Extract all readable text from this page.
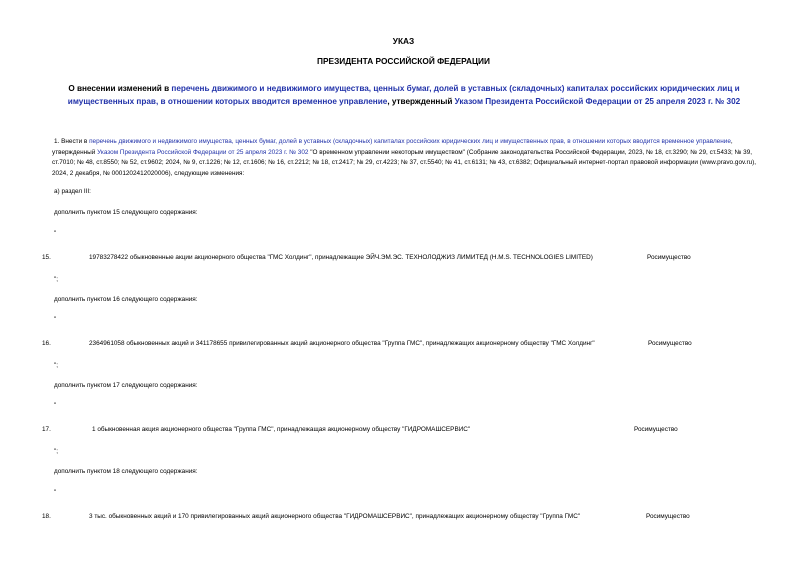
УКАЗ
ПРЕЗИДЕНТА РОССИЙСКОЙ ФЕДЕРАЦИИ
О внесении изменений в перечень движимого и недвижимого имущества, ценных бумаг, долей в уставных (складочных) капиталах российских юридических лиц и имущественных прав, в отношении которых вводится временное управление, утвержденный Указом Президента Российской Федерации от 25 апреля 2023 г. № 302
1. Внести в перечень движимого и недвижимого имущества, ценных бумаг, долей в уставных (складочных) капиталах российских юридических лиц и имущественных прав, в отношении которых вводится временное управление, утвержденный Указом Президента Российской Федерации от 25 апреля 2023 г. № 302 "О временном управлении некоторым имуществом" (Собрание законодательства Российской Федерации, 2023, № 18, ст.3290; № 29, ст.5433; № 39, ст.7010; № 48, ст.8550; № 52, ст.9602; 2024, № 9, ст.1226; № 12, ст.1606; № 16, ст.2212; № 18, ст.2417; № 29, ст.4223; № 37, ст.5540; № 41, ст.6131; № 43, ст.6382; Официальный интернет-портал правовой информации (www.pravo.gov.ru), 2024, 2 декабря, № 0001202412020006), следующие изменения:
а) раздел III:
дополнить пунктом 15 следующего содержания:
"
15.	19783278422 обыкновенные акции акционерного общества "ГМС Холдинг", принадлежащие ЭЙЧ.ЭМ.ЭС. ТЕХНОЛОДЖИЗ ЛИМИТЕД (H.M.S. TECHNOLOGIES LIMITED)	Росимущество
";
дополнить пунктом 16 следующего содержания:
"
16.	2364961058 обыкновенных акций и 341178655 привилегированных акций акционерного общества "Группа ГМС", принадлежащих акционерному обществу "ГМС Холдинг"	Росимущество
";
дополнить пунктом 17 следующего содержания:
"
17.	1 обыкновенная акция акционерного общества "Группа ГМС", принадлежащая акционерному обществу "ГИДРОМАШСЕРВИС"	Росимущество
";
дополнить пунктом 18 следующего содержания:
"
18.	3 тыс. обыкновенных акций и 170 привилегированных акций акционерного общества "ГИДРОМАШСЕРВИС", принадлежащих акционерному обществу "Группа ГМС"	Росимущество
